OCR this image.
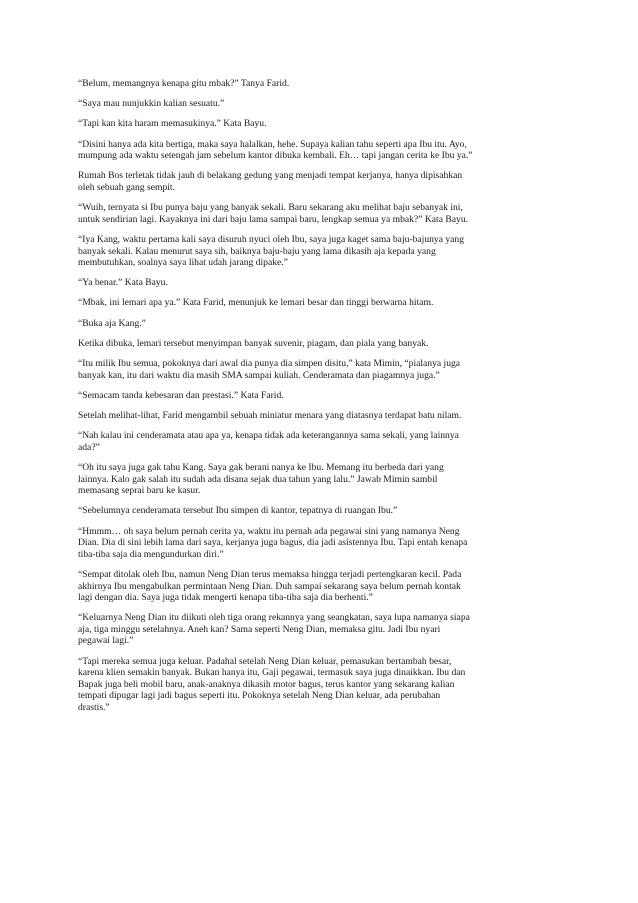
“Belum, memangnya kenapa gitu mbak?” Tanya Farid.

“Saya mau nunjukkin kalian sesuatu.”

“Tapi kan kita haram memasukinya.” Kata Bayu.

“Disini hanya ada kita bertiga, maka saya halalkan, hehe. Supaya kalian tahu seperti apa Ibu itu. Ayo,
mumpung ada waktu setengah jam sebelum kantor dibuka kembali. Eh… tapi jangan cerita ke Ibu ya.”

Rumah Bos terletak tidak jauh di belakang gedung yang menjadi tempat kerjanya, hanya dipisahkan
oleh sebuah gang sempit.

“Wuih, ternyata si Ibu punya baju yang banyak sekali. Baru sekarang aku melihat baju sebanyak ini,
untuk sendirian lagi. Kayaknya ini dari baju lama sampai baru, lengkap semua ya mbak?” Kata Bayu.

“Iya Kang, waktu pertama kali saya disuruh nyuci oleh Ibu, saya juga kaget sama baju-bajunya yang
banyak sekali. Kalau menurut saya sih, baiknya baju-baju yang lama dikasih aja kepada yang
membutuhkan, soalnya saya lihat udah jarang dipake.”

“Ya benar.” Kata Bayu.

“Mbak, ini lemari apa ya.” Kata Farid, menunjuk ke lemari besar dan tinggi berwarna hitam.

“Buka aja Kang.”

Ketika dibuka, lemari tersebut menyimpan banyak suvenir, piagam, dan piala yang banyak.

“Itu milik Ibu semua, pokoknya dari awal dia punya dia simpen disitu,” kata Mimin, “pialanya juga
banyak kan, itu dari waktu dia masih SMA sampai kuliah. Cenderamata dan piagamnya juga.”

“Semacam tanda kebesaran dan prestasi.” Kata Farid.

Setelah melihat-lihat, Farid mengambil sebuah miniatur menara yang diatasnya terdapat batu nilam.

“Nah kalau ini cenderamata atau apa ya, kenapa tidak ada keterangannya sama sekali, yang lainnya
ada?”

“Oh itu saya juga gak tahu Kang. Saya gak berani nanya ke Ibu. Memang itu berbeda dari yang
lainnya. Kalo gak salah itu sudah ada disana sejak dua tahun yang lalu.” Jawab Mimin sambil
memasang seprai baru ke kasur.

“Sebelumnya cenderamata tersebut Ibu simpen di kantor, tepatnya di ruangan Ibu.”

“Hmmm… oh saya belum pernah cerita ya, waktu itu pernah ada pegawai sini yang namanya Neng
Dian. Dia di sini lebih lama dari saya, kerjanya juga bagus, dia jadi asistennya Ibu. Tapi entah kenapa
tiba-tiba saja dia mengundurkan diri.”

“Sempat ditolak oleh Ibu, namun Neng Dian terus memaksa hingga terjadi pertengkaran kecil. Pada
akhirnya Ibu mengabulkan permintaan Neng Dian. Duh sampai sekarang saya belum pernah kontak
lagi dengan dia. Saya juga tidak mengerti kenapa tiba-tiba saja dia berhenti.”

“Keluarnya Neng Dian itu diikuti oleh tiga orang rekannya yang seangkatan, saya lupa namanya siapa
aja, tiga minggu setelahnya. Aneh kan? Sama seperti Neng Dian, memaksa gitu. Jadi Ibu nyari
pegawai lagi.”

“Tapi mereka semua juga keluar. Padahal setelah Neng Dian keluar, pemasukan bertambah besar,
karena klien semakin banyak. Bukan hanya itu, Gaji pegawai, termasuk saya juga dinaikkan. Ibu dan
Bapak juga beli mobil baru, anak-anaknya dikasih motor bagus, terus kantor yang sekarang kalian
tempati dipugar lagi jadi bagus seperti itu. Pokoknya setelah Neng Dian keluar, ada perubahan
drastis.”
